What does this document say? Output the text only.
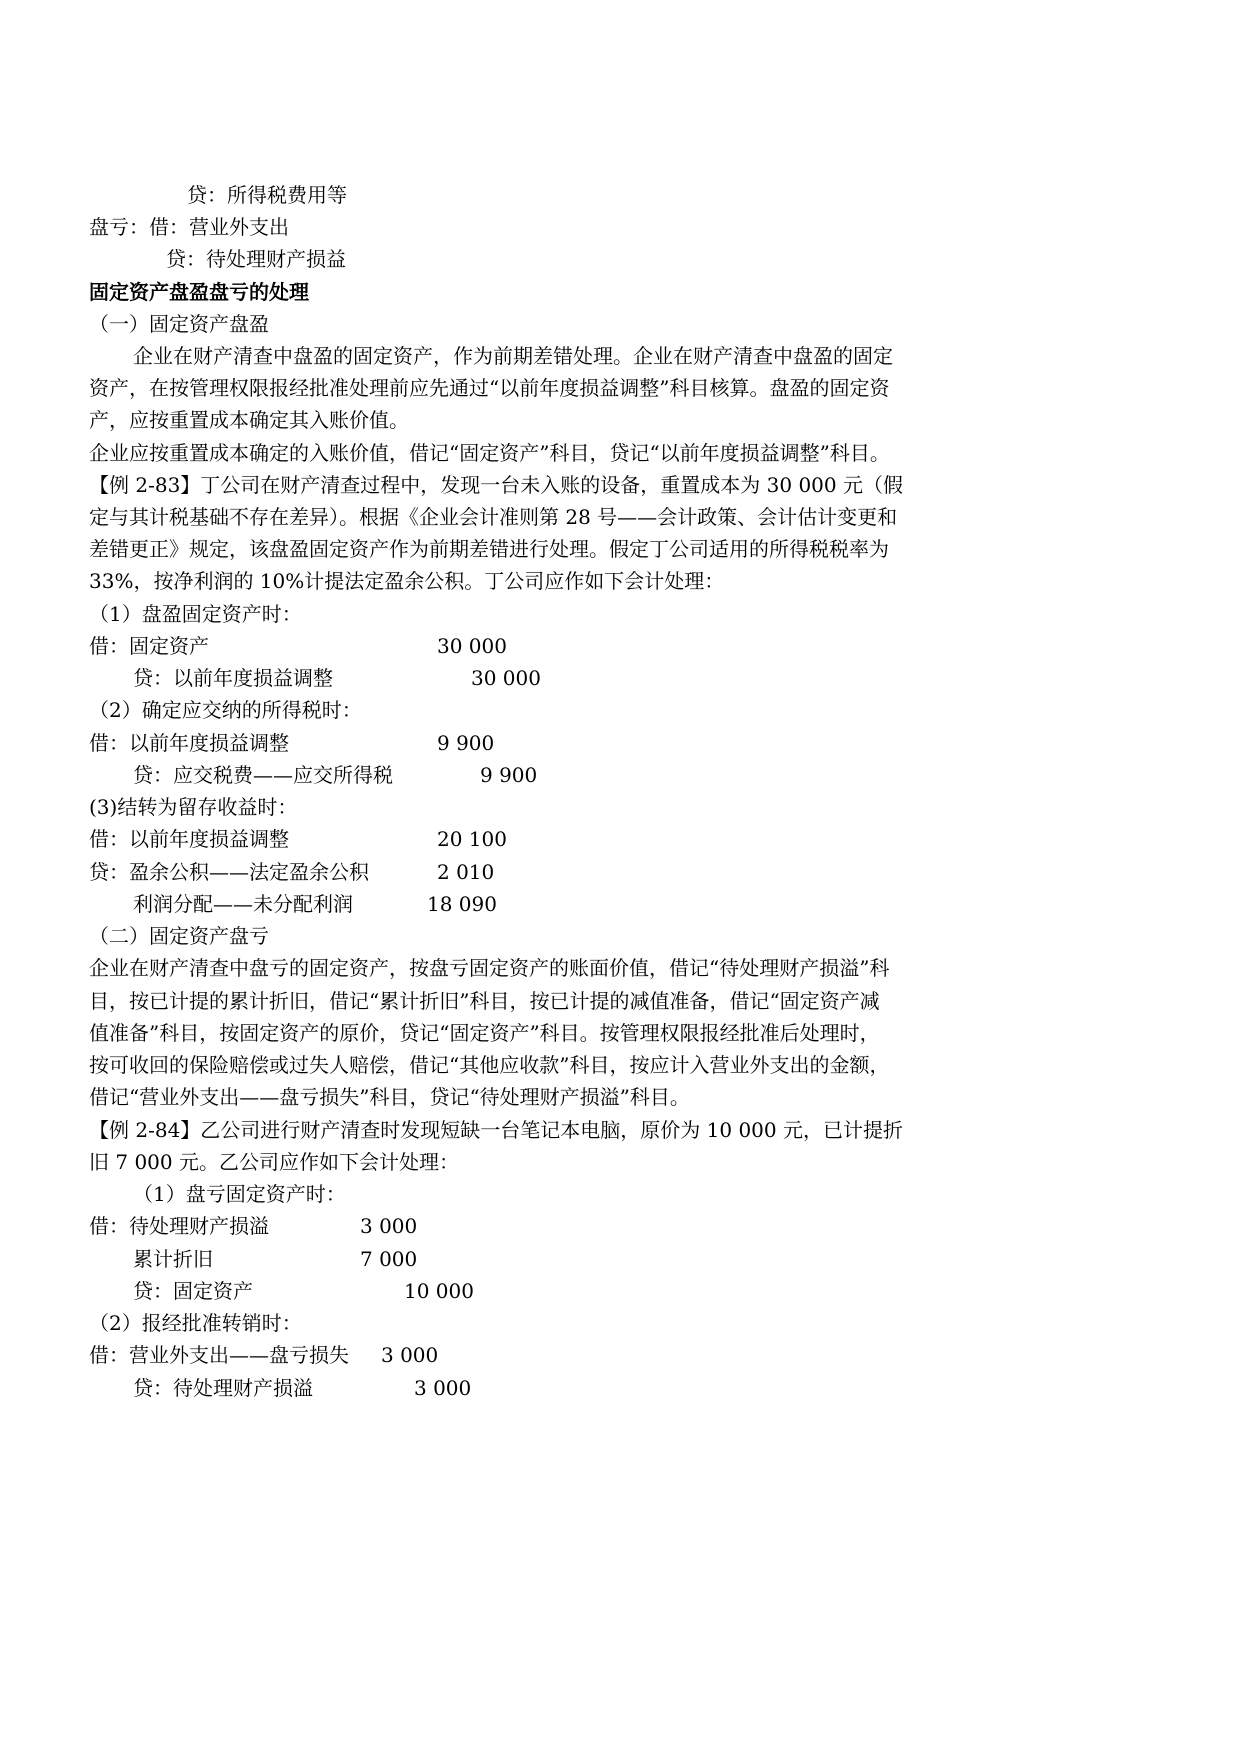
贷：所得税费用等
盘亏：借：营业外支出
贷：待处理财产损益
固定资产盘盈盘亏的处理
（一）固定资产盘盈
企业在财产清查中盘盈的固定资产，作为前期差错处理。企业在财产清查中盘盈的固定
资产，在按管理权限报经批准处理前应先通过“以前年度损益调整”科目核算。盘盈的固定资
产，应按重置成本确定其入账价值。
企业应按重置成本确定的入账价值，借记“固定资产”科目，贷记“以前年度损益调整”科目。
【例 2-83】丁公司在财产清查过程中，发现一台未入账的设备，重置成本为 30 000 元（假
定与其计税基础不存在差异）。根据《企业会计准则第 28 号——会计政策、会计估计变更和
差错更正》规定，该盘盈固定资产作为前期差错进行处理。假定丁公司适用的所得税税率为
33%，按净利润的 10%计提法定盈余公积。丁公司应作如下会计处理：
（1）盘盈固定资产时：
借：固定资产	30 000
贷：以前年度损益调整	30 000
（2）确定应交纳的所得税时：
借：以前年度损益调整	9 900
贷：应交税费——应交所得税	9 900
(3)结转为留存收益时：
借：以前年度损益调整	20 100
贷：盈余公积——法定盈余公积	2 010
利润分配——未分配利润	18 090
（二）固定资产盘亏
企业在财产清查中盘亏的固定资产，按盘亏固定资产的账面价值，借记“待处理财产损溢”科
目，按已计提的累计折旧，借记“累计折旧”科目，按已计提的减值准备，借记“固定资产减
值准备”科目，按固定资产的原价，贷记“固定资产”科目。按管理权限报经批准后处理时，
按可收回的保险赔偿或过失人赔偿，借记“其他应收款”科目，按应计入营业外支出的金额，
借记“营业外支出——盘亏损失”科目，贷记“待处理财产损溢”科目。
【例 2-84】乙公司进行财产清查时发现短缺一台笔记本电脑，原价为 10 000 元，已计提折
旧 7 000 元。乙公司应作如下会计处理：
（1）盘亏固定资产时：
借：待处理财产损溢	3 000
累计折旧	7 000
贷：固定资产	10 000
（2）报经批准转销时：
借：营业外支出——盘亏损失 3 000
贷：待处理财产损溢	3 000
